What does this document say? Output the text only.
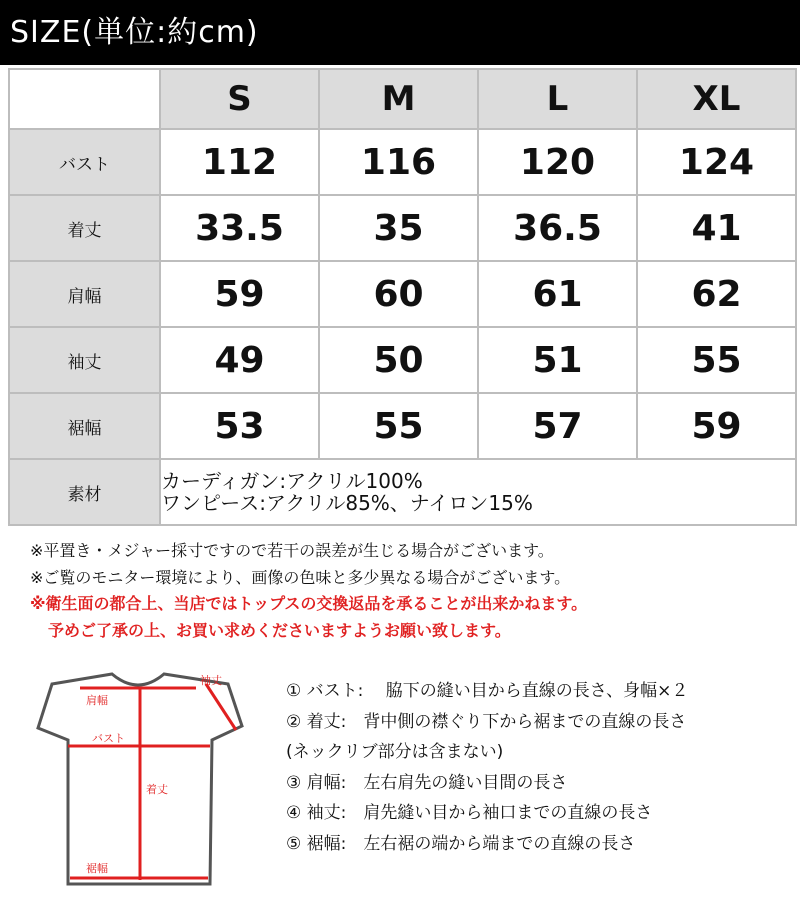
SIZE(単位:約cm)
	S	M	L	XL
バスト	112	116	120	124
着丈	33.5	35	36.5	41
肩幅	59	60	61	62
袖丈	49	50	51	55
裾幅	53	55	57	59
素材	カーディガン:アクリル100%
ワンピース:アクリル85%、ナイロン15%			
※平置き・メジャー採寸ですので若干の誤差が生じる場合がございます。
※ご覧のモニター環境により、画像の色味と多少異なる場合がございます。
※衛生面の都合上、当店ではトップスの交換返品を承ることが出来かねます。
予めご了承の上、お買い求めくださいますようお願い致します。
肩幅
袖丈
バスト
着丈
裾幅
① バスト:　 脇下の縫い目から直線の長さ、身幅×２
② 着丈:　背中側の襟ぐり下から裾までの直線の長さ
(ネックリブ部分は含まない)
③ 肩幅:　左右肩先の縫い目間の長さ
④ 袖丈:　肩先縫い目から袖口までの直線の長さ
⑤ 裾幅:　左右裾の端から端までの直線の長さ
